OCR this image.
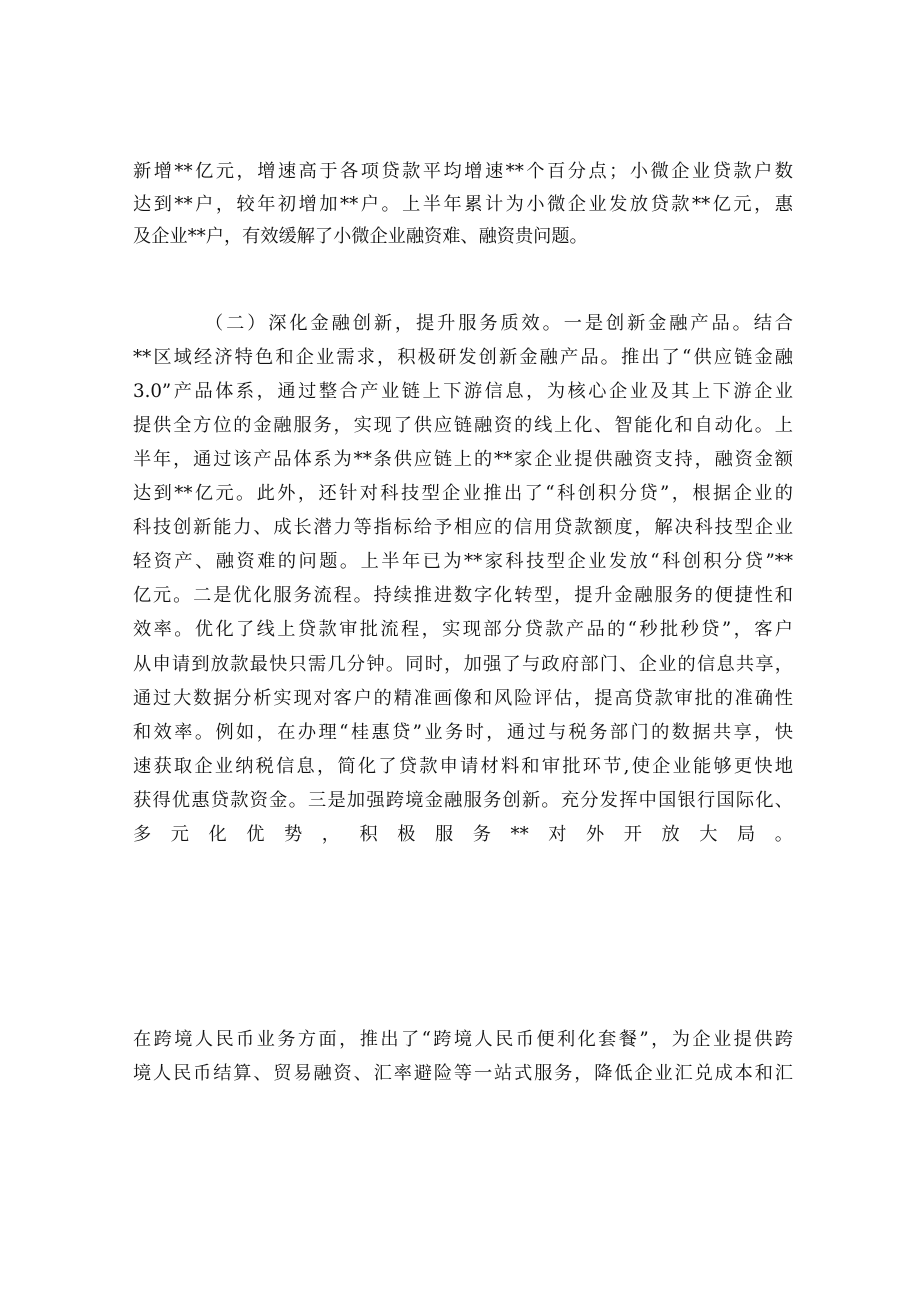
新增**亿元，增速高于各项贷款平均增速**个百分点；小微企业贷款户数
达到**户，较年初增加**户。上半年累计为小微企业发放贷款**亿元，惠
及企业**户，有效缓解了小微企业融资难、融资贵问题。
（二）深化金融创新，提升服务质效。一是创新金融产品。结合
**区域经济特色和企业需求，积极研发创新金融产品。推出了“供应链金融
3.0”产品体系，通过整合产业链上下游信息，为核心企业及其上下游企业
提供全方位的金融服务，实现了供应链融资的线上化、智能化和自动化。上
半年，通过该产品体系为**条供应链上的**家企业提供融资支持，融资金额
达到**亿元。此外，还针对科技型企业推出了“科创积分贷”，根据企业的
科技创新能力、成长潜力等指标给予相应的信用贷款额度，解决科技型企业
轻资产、融资难的问题。上半年已为**家科技型企业发放“科创积分贷”**
亿元。二是优化服务流程。持续推进数字化转型，提升金融服务的便捷性和
效率。优化了线上贷款审批流程，实现部分贷款产品的“秒批秒贷”，客户
从申请到放款最快只需几分钟。同时，加强了与政府部门、企业的信息共享，
通过大数据分析实现对客户的精准画像和风险评估，提高贷款审批的准确性
和效率。例如，在办理“桂惠贷”业务时，通过与税务部门的数据共享，快
速获取企业纳税信息，简化了贷款申请材料和审批环节,使企业能够更快地
获得优惠贷款资金。三是加强跨境金融服务创新。充分发挥中国银行国际化、
多元化优势，积极服务**对外开放大局。
在跨境人民币业务方面，推出了“跨境人民币便利化套餐”，为企业提供跨
境人民币结算、贸易融资、汇率避险等一站式服务，降低企业汇兑成本和汇
